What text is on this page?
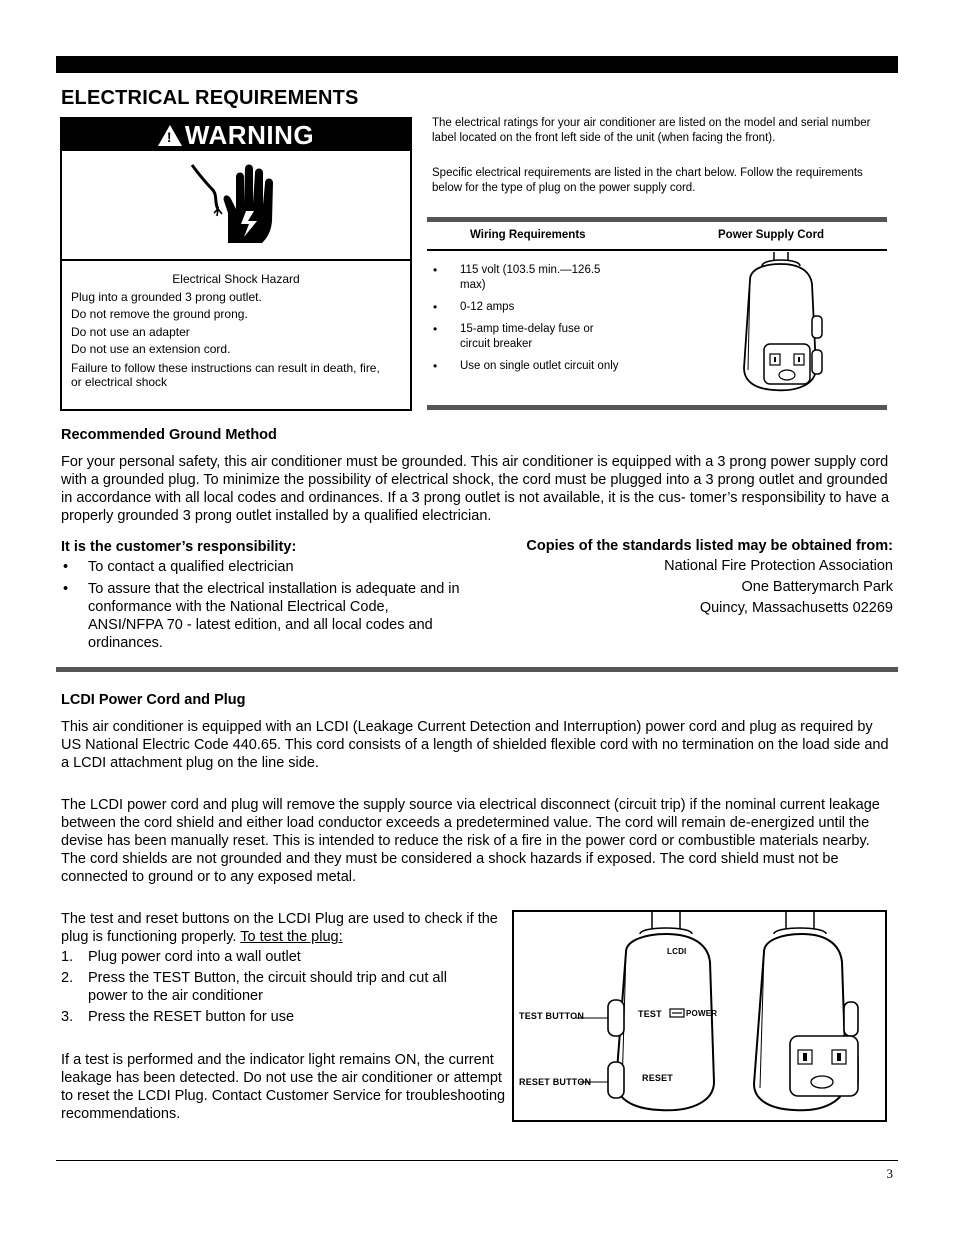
ELECTRICAL REQUIREMENTS
! WARNING
Electrical Shock Hazard
Plug into a grounded 3 prong outlet.
Do not remove the ground prong.
Do not use an adapter
Do not use an extension cord.
Failure to follow these instructions can result in death, fire, or electrical shock
The electrical ratings for your air conditioner are listed on the model and serial number label located on the front left side of the unit (when facing the front).
Specific electrical requirements are listed in the chart below. Follow the requirements below for the type of plug on the power supply cord.
Wiring Requirements	Power Supply Cord
• 115 volt (103.5 min.—126.5 max)
• 0-12 amps
• 15-amp time-delay fuse or circuit breaker
• Use on single outlet circuit only
Recommended Ground Method
For your personal safety, this air conditioner must be grounded. This air conditioner is equipped with a 3 prong power supply cord with a grounded plug. To minimize the possibility of electrical shock, the cord must be plugged into a 3 prong outlet and grounded in accordance with all local codes and ordinances. If a 3 prong outlet is not available, it is the cus- tomer’s responsibility to have a properly grounded 3 prong outlet installed by a qualified electrician.
It is the customer’s responsibility:
• To contact a qualified electrician
• To assure that the electrical installation is adequate and in conformance with the National Electrical Code, ANSI/NFPA 70 - latest edition, and all local codes and ordinances.
Copies of the standards listed may be obtained from:
National Fire Protection Association
One Batterymarch Park
Quincy, Massachusetts 02269
LCDI Power Cord and Plug
This air conditioner is equipped with an LCDI (Leakage Current Detection and Interruption) power cord and plug as required by US National Electric Code 440.65. This cord consists of a length of shielded flexible cord with no termination on the load side and a LCDI attachment plug on the line side.
The LCDI power cord and plug will remove the supply source via electrical disconnect (circuit trip) if the nominal current leakage between the cord shield and either load conductor exceeds a predetermined value. The cord will remain de-energized until the devise has been manually reset. This is intended to reduce the risk of a fire in the power cord or combustible materials nearby. The cord shields are not grounded and they must be considered a shock hazards if exposed. The cord shield must not be connected to ground or to any exposed metal.
The test and reset buttons on the LCDI Plug are used to check if the plug is functioning properly. To test the plug:
1. Plug power cord into a wall outlet
2. Press the TEST Button, the circuit should trip and cut all power to the air conditioner
3. Press the RESET button for use
If a test is performed and the indicator light remains ON, the current leakage has been detected. Do not use the air conditioner or attempt to reset the LCDI Plug. Contact Customer Service for troubleshooting recommendations.
TEST BUTTON
RESET BUTTON
LCDI
TEST	POWER
RESET
3
